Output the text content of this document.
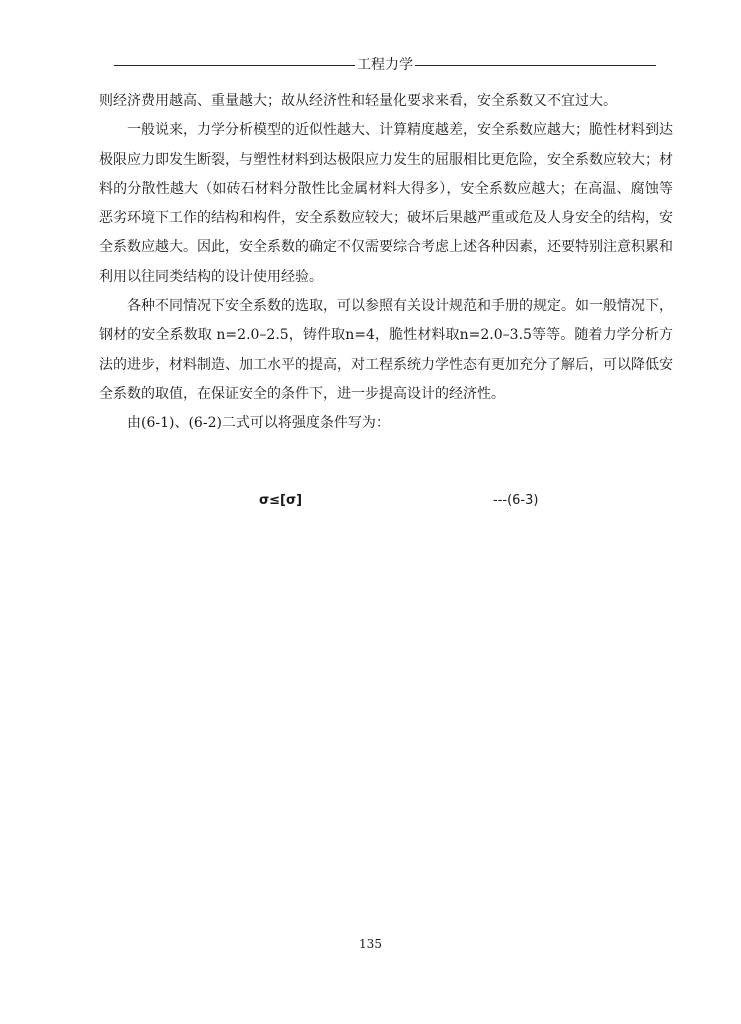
工程力学

则经济费用越高、重量越大；故从经济性和轻量化要求来看，安全系数又不宜过大。

一般说来，力学分析模型的近似性越大、计算精度越差，安全系数应越大；脆性材料到达极限应力即发生断裂，与塑性材料到达极限应力发生的屈服相比更危险，安全系数应较大；材料的分散性越大（如砖石材料分散性比金属材料大得多），安全系数应越大；在高温、腐蚀等恶劣环境下工作的结构和构件，安全系数应较大；破坏后果越严重或危及人身安全的结构，安全系数应越大。因此，安全系数的确定不仅需要综合考虑上述各种因素，还要特别注意积累和利用以往同类结构的设计使用经验。

各种不同情况下安全系数的选取，可以参照有关设计规范和手册的规定。如一般情况下，钢材的安全系数取 n=2.0–2.5，铸件取n=4，脆性材料取n=2.0–3.5等等。随着力学分析方法的进步，材料制造、加工水平的提高，对工程系统力学性态有更加充分了解后，可以降低安全系数的取值，在保证安全的条件下，进一步提高设计的经济性。

由(6-1)、(6-2)二式可以将强度条件写为：

σ≤[σ]	---(6-3)
135
